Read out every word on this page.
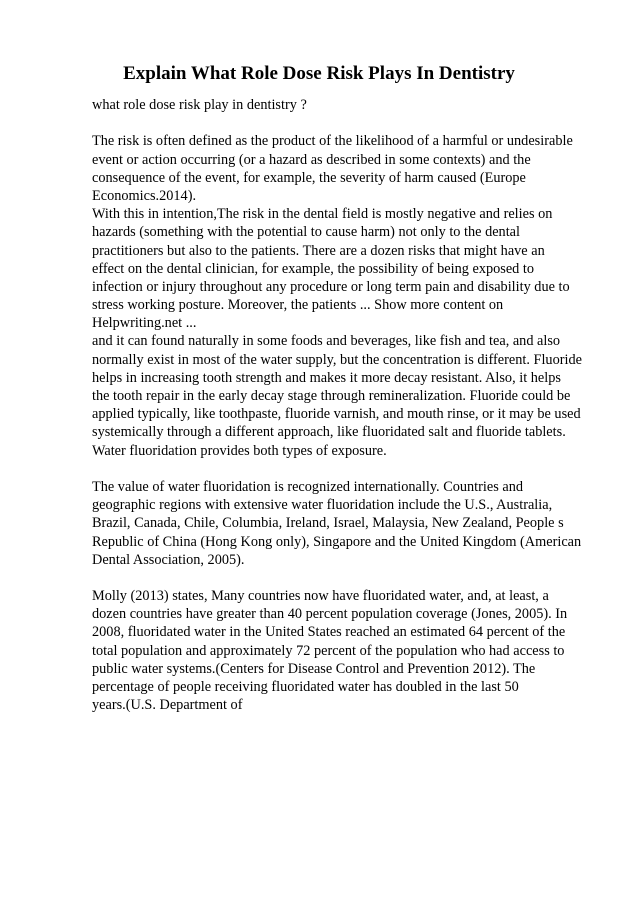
Explain What Role Dose Risk Plays In Dentistry
what role dose risk play in dentistry ?
The risk is often defined as the product of the likelihood of a harmful or undesirable
event or action occurring (or a hazard as described in some contexts) and the
consequence of the event, for example, the severity of harm caused (Europe
Economics.2014).
With this in intention,The risk in the dental field is mostly negative and relies on
hazards (something with the potential to cause harm) not only to the dental
practitioners but also to the patients. There are a dozen risks that might have an
effect on the dental clinician, for example, the possibility of being exposed to
infection or injury throughout any procedure or long term pain and disability due to
stress working posture. Moreover, the patients ... Show more content on
Helpwriting.net ...
and it can found naturally in some foods and beverages, like fish and tea, and also
normally exist in most of the water supply, but the concentration is different. Fluoride
helps in increasing tooth strength and makes it more decay resistant. Also, it helps
the tooth repair in the early decay stage through remineralization. Fluoride could be
applied typically, like toothpaste, fluoride varnish, and mouth rinse, or it may be used
systemically through a different approach, like fluoridated salt and fluoride tablets.
Water fluoridation provides both types of exposure.
The value of water fluoridation is recognized internationally. Countries and
geographic regions with extensive water fluoridation include the U.S., Australia,
Brazil, Canada, Chile, Columbia, Ireland, Israel, Malaysia, New Zealand, People s
Republic of China (Hong Kong only), Singapore and the United Kingdom (American
Dental Association, 2005).
Molly (2013) states, Many countries now have fluoridated water, and, at least, a
dozen countries have greater than 40 percent population coverage (Jones, 2005). In
2008, fluoridated water in the United States reached an estimated 64 percent of the
total population and approximately 72 percent of the population who had access to
public water systems.(Centers for Disease Control and Prevention 2012). The
percentage of people receiving fluoridated water has doubled in the last 50
years.(U.S. Department of
